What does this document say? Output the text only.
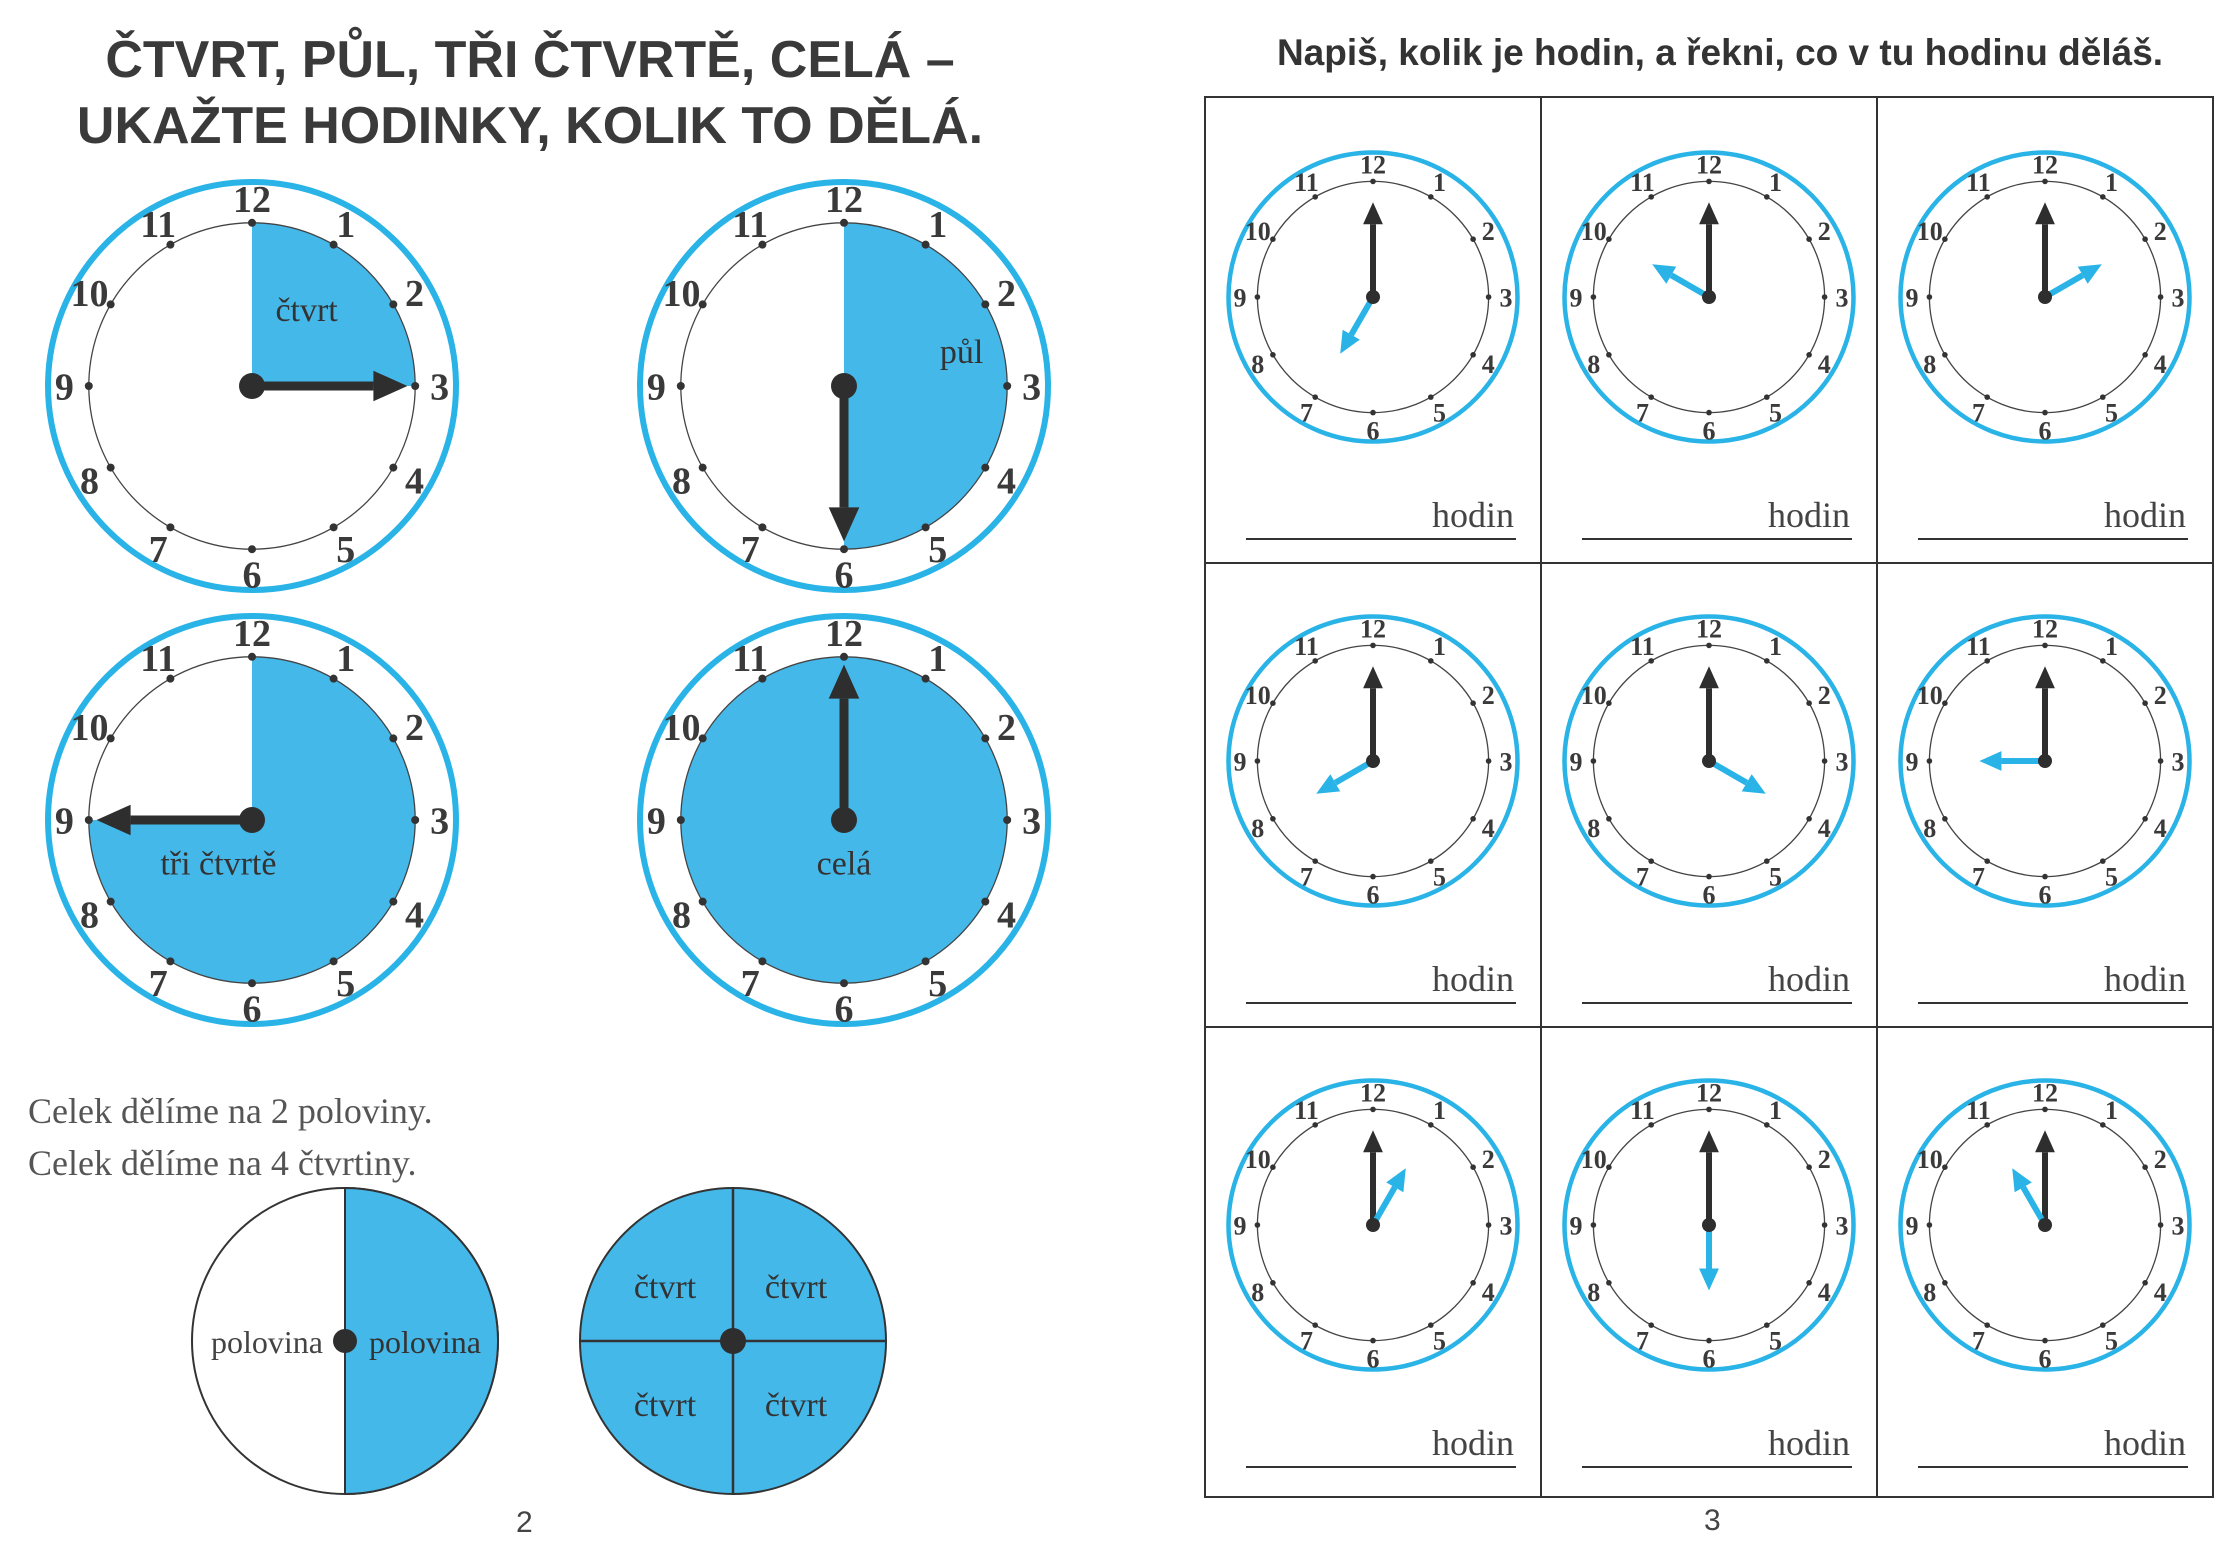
ČTVRT, PŮL, TŘI ČTVRTĚ, CELÁ –
UKAŽTE HODINKY, KOLIK TO DĚLÁ.
12
1
2
3
4
5
6
7
8
9
10
11
čtvrt
12
1
2
3
4
5
6
7
8
9
10
11
půl
12
1
2
3
4
5
6
7
8
9
10
11
tři čtvrtě
12
1
2
3
4
5
6
7
8
9
10
11
celá
Celek dělíme na 2 poloviny.
Celek dělíme na 4 čtvrtiny.
polovina polovina
čtvrt čtvrt
čtvrt čtvrt
2
Napiš, kolik je hodin, a řekni, co v tu hodinu děláš.
12
1
2
3
4
5
6
7
8
9
10
11
hodin
12
1
2
3
4
5
6
7
8
9
10
11
hodin
12
1
2
3
4
5
6
7
8
9
10
11
hodin
12
1
2
3
4
5
6
7
8
9
10
11
hodin
12
1
2
3
4
5
6
7
8
9
10
11
hodin
12
1
2
3
4
5
6
7
8
9
10
11
hodin
12
1
2
3
4
5
6
7
8
9
10
11
hodin
12
1
2
3
4
5
6
7
8
9
10
11
hodin
12
1
2
3
4
5
6
7
8
9
10
11
hodin
3
